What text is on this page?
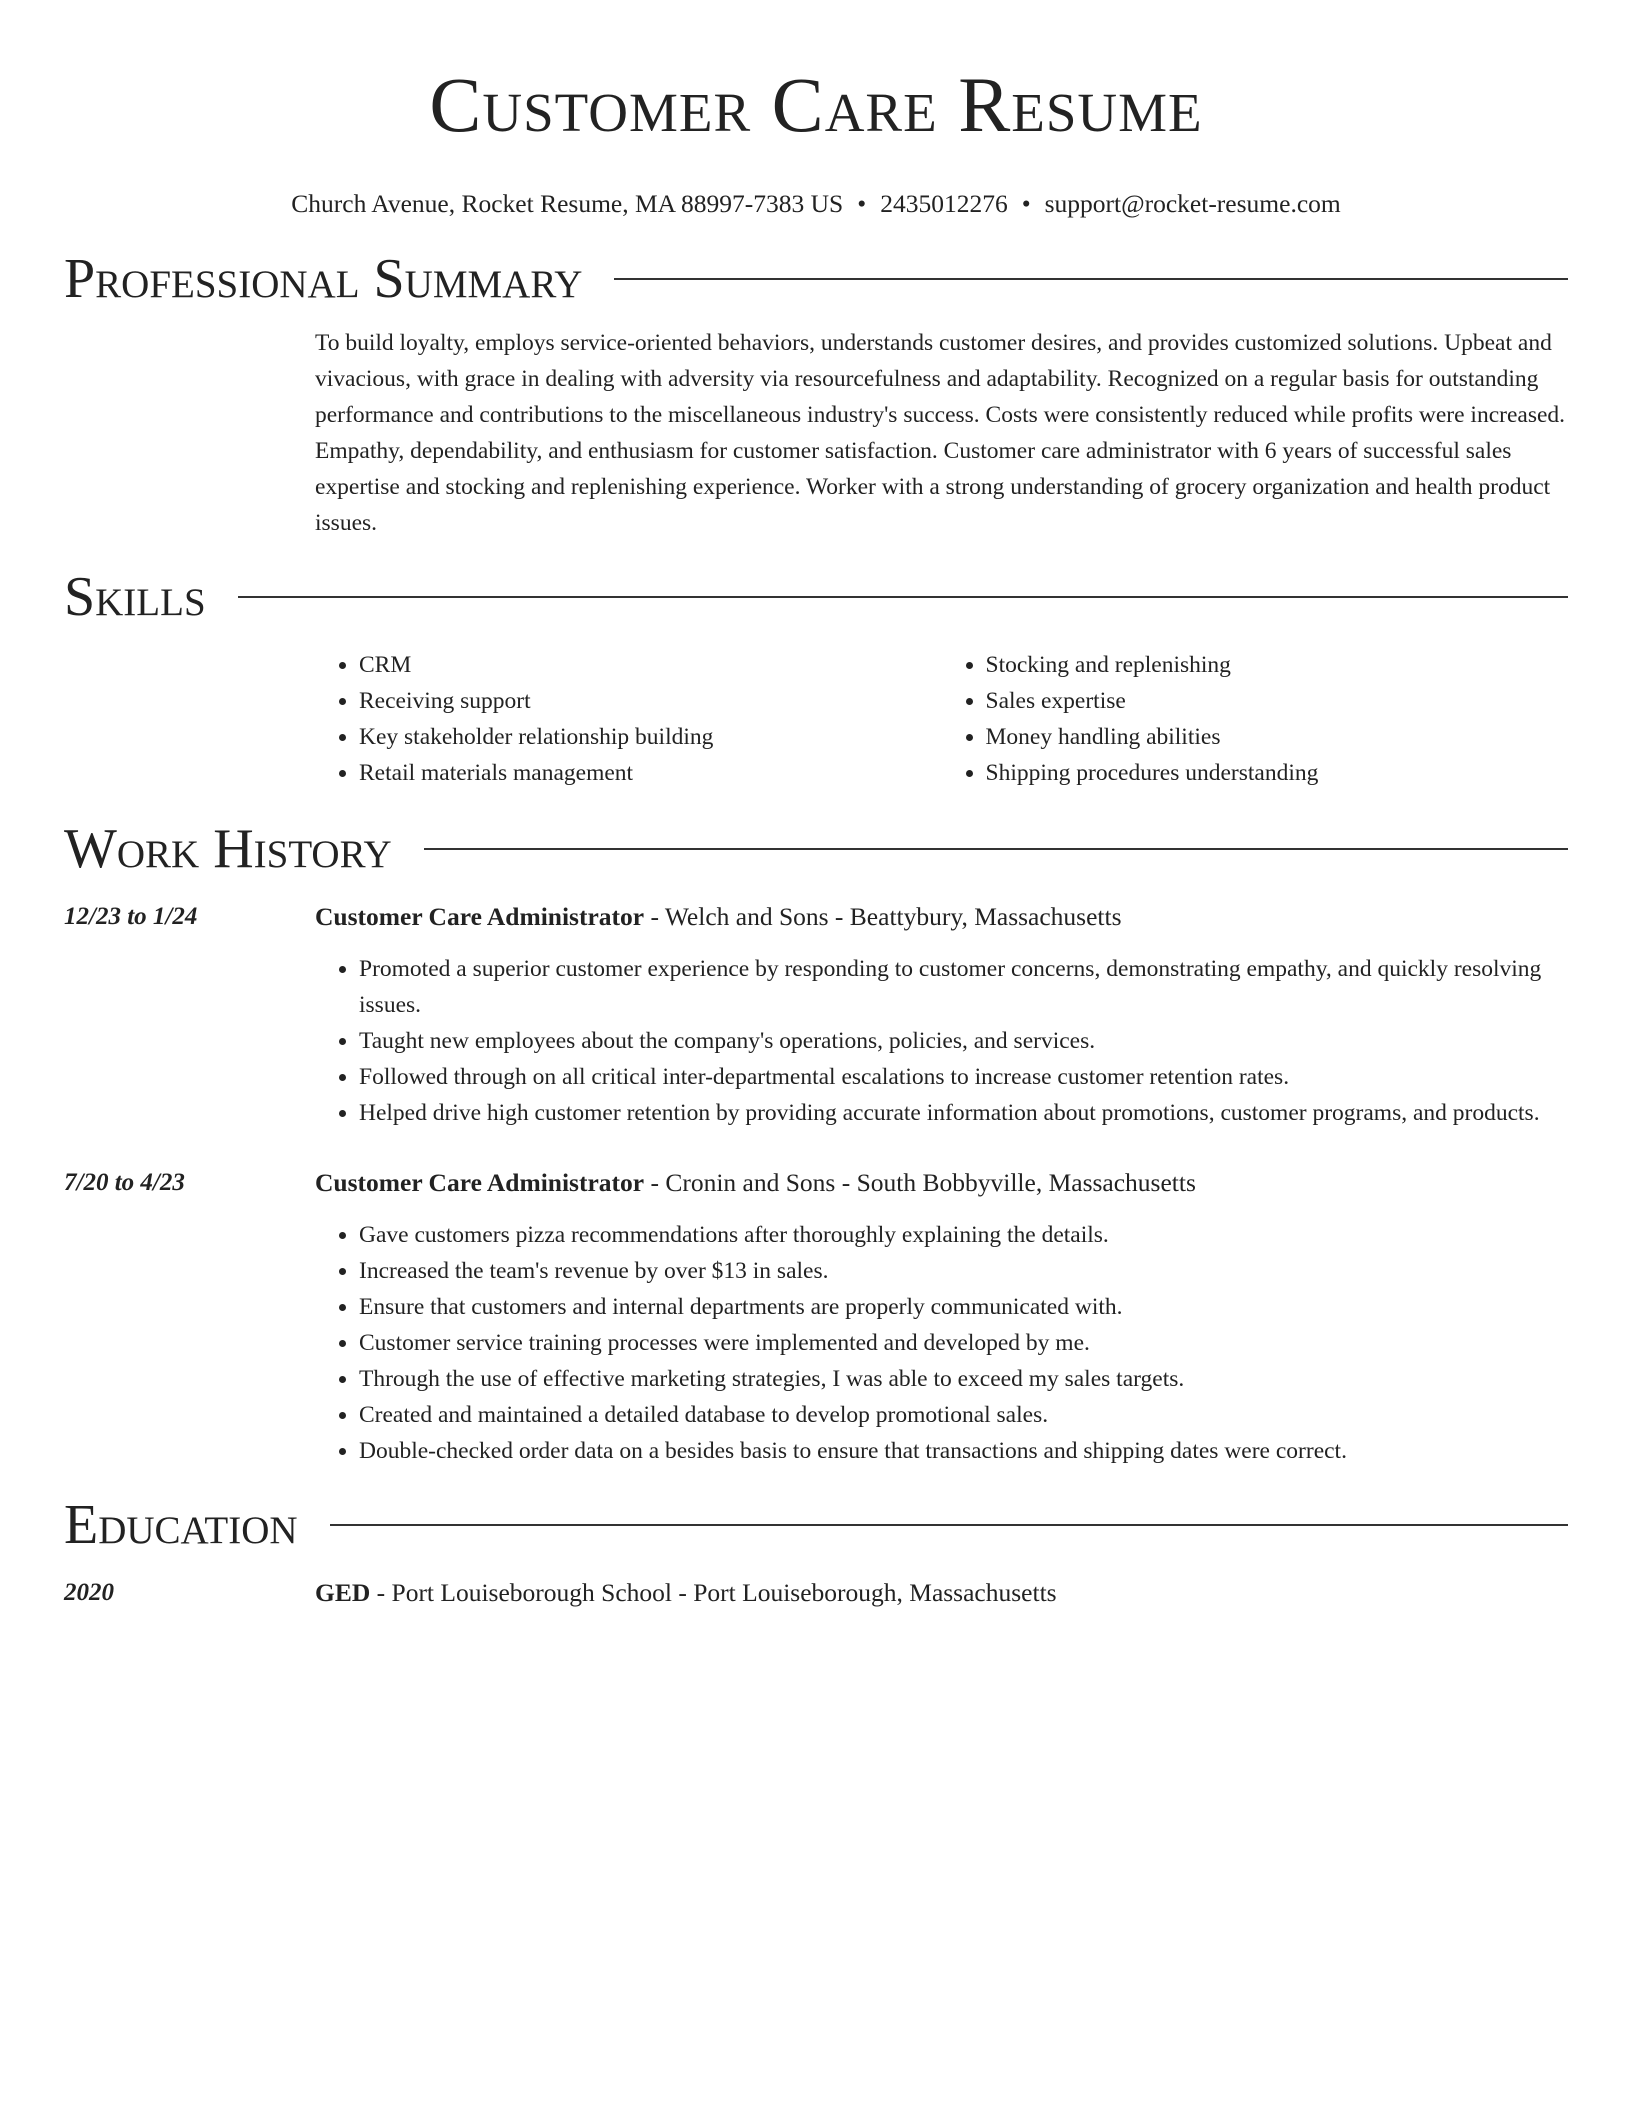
Customer Care Resume
Church Avenue, Rocket Resume, MA 88997-7383 US • 2435012276 • support@rocket-resume.com
Professional Summary

To build loyalty, employs service-oriented behaviors, understands customer desires, and provides customized solutions. Upbeat and vivacious, with grace in dealing with adversity via resourcefulness and adaptability. Recognized on a regular basis for outstanding performance and contributions to the miscellaneous industry's success. Costs were consistently reduced while profits were increased. Empathy, dependability, and enthusiasm for customer satisfaction. Customer care administrator with 6 years of successful sales expertise and stocking and replenishing experience. Worker with a strong understanding of grocery organization and health product issues.

Skills
• CRM
• Receiving support
• Key stakeholder relationship building
• Retail materials management
• Stocking and replenishing
• Sales expertise
• Money handling abilities
• Shipping procedures understanding
Work History
12/23 to 1/24	Customer Care Administrator - Welch and Sons - Beattybury, Massachusetts
• Promoted a superior customer experience by responding to customer concerns, demonstrating empathy, and quickly resolving issues.
• Taught new employees about the company's operations, policies, and services.
• Followed through on all critical inter-departmental escalations to increase customer retention rates.
• Helped drive high customer retention by providing accurate information about promotions, customer programs, and products.
7/20 to 4/23	Customer Care Administrator - Cronin and Sons - South Bobbyville, Massachusetts
• Gave customers pizza recommendations after thoroughly explaining the details.
• Increased the team's revenue by over $13 in sales.
• Ensure that customers and internal departments are properly communicated with.
• Customer service training processes were implemented and developed by me.
• Through the use of effective marketing strategies, I was able to exceed my sales targets.
• Created and maintained a detailed database to develop promotional sales.
• Double-checked order data on a besides basis to ensure that transactions and shipping dates were correct.
Education
2020	GED - Port Louiseborough School - Port Louiseborough, Massachusetts
